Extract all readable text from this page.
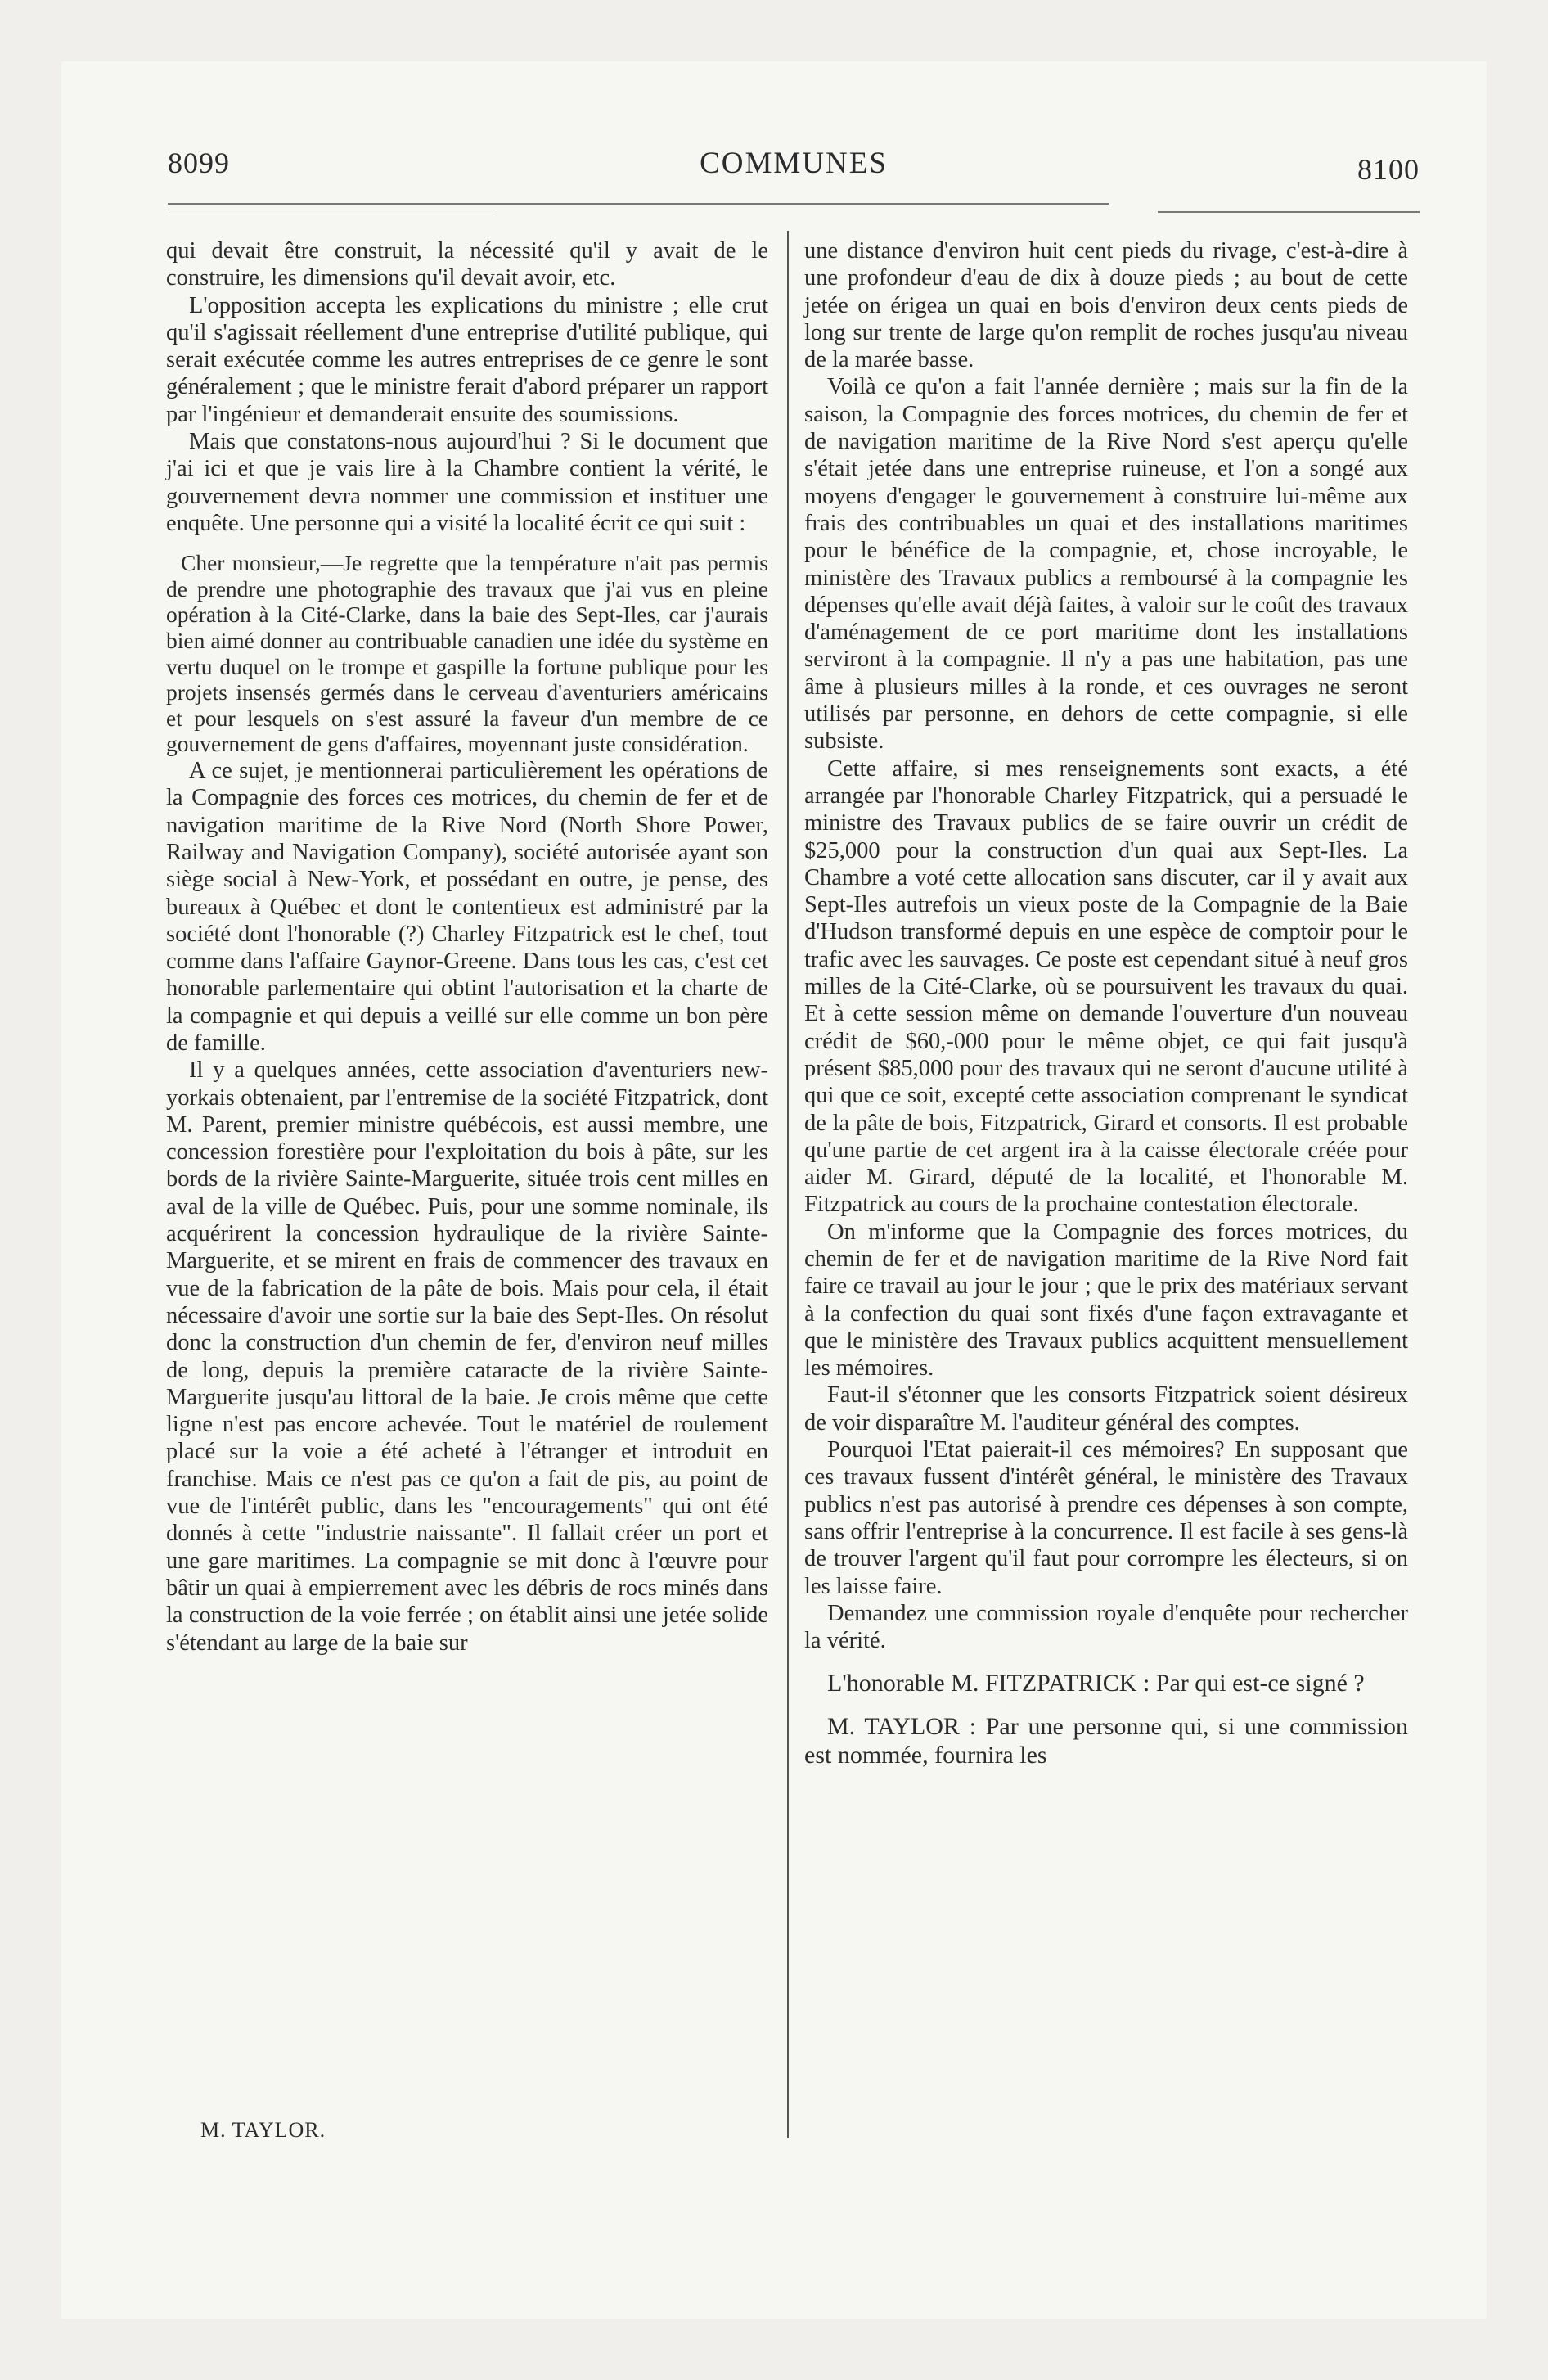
8099	COMMUNES	8100

qui devait être construit, la nécessité qu'il y avait de le construire, les dimensions qu'il devait avoir, etc.

L'opposition accepta les explications du ministre ; elle crut qu'il s'agissait réellement d'une entreprise d'utilité publique, qui serait exécutée comme les autres entreprises de ce genre le sont généralement ; que le ministre ferait d'abord préparer un rapport par l'ingénieur et demanderait ensuite des soumissions.

Mais que constatons-nous aujourd'hui ? Si le document que j'ai ici et que je vais lire à la Chambre contient la vérité, le gouvernement devra nommer une commission et instituer une enquête. Une personne qui a visité la localité écrit ce qui suit :

Cher monsieur,—Je regrette que la température n'ait pas permis de prendre une photographie des travaux que j'ai vus en pleine opération à la Cité-Clarke, dans la baie des Sept-Iles, car j'aurais bien aimé donner au contribuable canadien une idée du système en vertu duquel on le trompe et gaspille la fortune publique pour les projets insensés germés dans le cerveau d'aventuriers américains et pour lesquels on s'est assuré la faveur d'un membre de ce gouvernement de gens d'affaires, moyennant juste considération.

A ce sujet, je mentionnerai particulièrement les opérations de la Compagnie des forces ces motrices, du chemin de fer et de navigation maritime de la Rive Nord (North Shore Power, Railway and Navigation Company), société autorisée ayant son siège social à New-York, et possédant en outre, je pense, des bureaux à Québec et dont le contentieux est administré par la société dont l'honorable (?) Charley Fitzpatrick est le chef, tout comme dans l'affaire Gaynor-Greene. Dans tous les cas, c'est cet honorable parlementaire qui obtint l'autorisation et la charte de la compagnie et qui depuis a veillé sur elle comme un bon père de famille.

Il y a quelques années, cette association d'aventuriers new-yorkais obtenaient, par l'entremise de la société Fitzpatrick, dont M. Parent, premier ministre québécois, est aussi membre, une concession forestière pour l'exploitation du bois à pâte, sur les bords de la rivière Sainte-Marguerite, située trois cent milles en aval de la ville de Québec. Puis, pour une somme nominale, ils acquérirent la concession hydraulique de la rivière Sainte-Marguerite, et se mirent en frais de commencer des travaux en vue de la fabrication de la pâte de bois. Mais pour cela, il était nécessaire d'avoir une sortie sur la baie des Sept-Iles. On résolut donc la construction d'un chemin de fer, d'environ neuf milles de long, depuis la première cataracte de la rivière Sainte-Marguerite jusqu'au littoral de la baie. Je crois même que cette ligne n'est pas encore achevée. Tout le matériel de roulement placé sur la voie a été acheté à l'étranger et introduit en franchise. Mais ce n'est pas ce qu'on a fait de pis, au point de vue de l'intérêt public, dans les "encouragements" qui ont été donnés à cette "industrie naissante". Il fallait créer un port et une gare maritimes. La compagnie se mit donc à l'œuvre pour bâtir un quai à empierrement avec les débris de rocs minés dans la construction de la voie ferrée ; on établit ainsi une jetée solide s'étendant au large de la baie sur

M. TAYLOR.

une distance d'environ huit cent pieds du rivage, c'est-à-dire à une profondeur d'eau de dix à douze pieds ; au bout de cette jetée on érigea un quai en bois d'environ deux cents pieds de long sur trente de large qu'on remplit de roches jusqu'au niveau de la marée basse.

Voilà ce qu'on a fait l'année dernière ; mais sur la fin de la saison, la Compagnie des forces motrices, du chemin de fer et de navigation maritime de la Rive Nord s'est aperçu qu'elle s'était jetée dans une entreprise ruineuse, et l'on a songé aux moyens d'engager le gouvernement à construire lui-même aux frais des contribuables un quai et des installations maritimes pour le bénéfice de la compagnie, et, chose incroyable, le ministère des Travaux publics a remboursé à la compagnie les dépenses qu'elle avait déjà faites, à valoir sur le coût des travaux d'aménagement de ce port maritime dont les installations serviront à la compagnie. Il n'y a pas une habitation, pas une âme à plusieurs milles à la ronde, et ces ouvrages ne seront utilisés par personne, en dehors de cette compagnie, si elle subsiste.

Cette affaire, si mes renseignements sont exacts, a été arrangée par l'honorable Charley Fitzpatrick, qui a persuadé le ministre des Travaux publics de se faire ouvrir un crédit de $25,000 pour la construction d'un quai aux Sept-Iles. La Chambre a voté cette allocation sans discuter, car il y avait aux Sept-Iles autrefois un vieux poste de la Compagnie de la Baie d'Hudson transformé depuis en une espèce de comptoir pour le trafic avec les sauvages. Ce poste est cependant situé à neuf gros milles de la Cité-Clarke, où se poursuivent les travaux du quai. Et à cette session même on demande l'ouverture d'un nouveau crédit de $60,-000 pour le même objet, ce qui fait jusqu'à présent $85,000 pour des travaux qui ne seront d'aucune utilité à qui que ce soit, excepté cette association comprenant le syndicat de la pâte de bois, Fitzpatrick, Girard et consorts. Il est probable qu'une partie de cet argent ira à la caisse électorale créée pour aider M. Girard, député de la localité, et l'honorable M. Fitzpatrick au cours de la prochaine contestation électorale.

On m'informe que la Compagnie des forces motrices, du chemin de fer et de navigation maritime de la Rive Nord fait faire ce travail au jour le jour ; que le prix des matériaux servant à la confection du quai sont fixés d'une façon extravagante et que le ministère des Travaux publics acquittent mensuellement les mémoires.

Faut-il s'étonner que les consorts Fitzpatrick soient désireux de voir disparaître M. l'auditeur général des comptes.

Pourquoi l'Etat paierait-il ces mémoires? En supposant que ces travaux fussent d'intérêt général, le ministère des Travaux publics n'est pas autorisé à prendre ces dépenses à son compte, sans offrir l'entreprise à la concurrence. Il est facile à ses gens-là de trouver l'argent qu'il faut pour corrompre les électeurs, si on les laisse faire.

Demandez une commission royale d'enquête pour rechercher la vérité.

L'honorable M. FITZPATRICK : Par qui est-ce signé ?

M. TAYLOR : Par une personne qui, si une commission est nommée, fournira les
